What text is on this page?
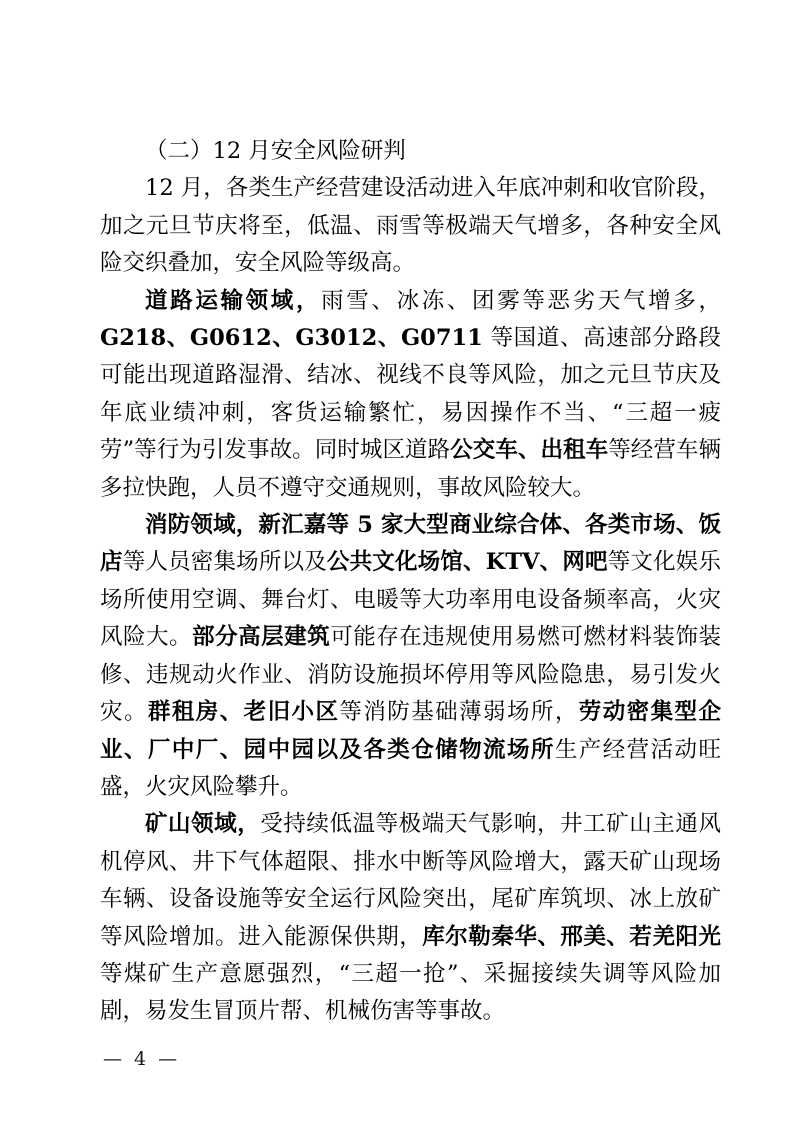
（二）12 月安全风险研判

12 月，各类生产经营建设活动进入年底冲刺和收官阶段，加之元旦节庆将至，低温、雨雪等极端天气增多，各种安全风险交织叠加，安全风险等级高。

道路运输领域，雨雪、冰冻、团雾等恶劣天气增多，G218、G0612、G3012、G0711 等国道、高速部分路段可能出现道路湿滑、结冰、视线不良等风险，加之元旦节庆及年底业绩冲刺，客货运输繁忙，易因操作不当、“三超一疲劳”等行为引发事故。同时城区道路公交车、出租车等经营车辆多拉快跑，人员不遵守交通规则，事故风险较大。

消防领域，新汇嘉等 5 家大型商业综合体、各类市场、饭店等人员密集场所以及公共文化场馆、KTV、网吧等文化娱乐场所使用空调、舞台灯、电暖等大功率用电设备频率高，火灾风险大。部分高层建筑可能存在违规使用易燃可燃材料装饰装修、违规动火作业、消防设施损坏停用等风险隐患，易引发火灾。群租房、老旧小区等消防基础薄弱场所，劳动密集型企业、厂中厂、园中园以及各类仓储物流场所生产经营活动旺盛，火灾风险攀升。

矿山领域，受持续低温等极端天气影响，井工矿山主通风机停风、井下气体超限、排水中断等风险增大，露天矿山现场车辆、设备设施等安全运行风险突出，尾矿库筑坝、冰上放矿等风险增加。进入能源保供期，库尔勒秦华、邢美、若羌阳光等煤矿生产意愿强烈，“三超一抢”、采掘接续失调等风险加剧，易发生冒顶片帮、机械伤害等事故。

— 4 —
